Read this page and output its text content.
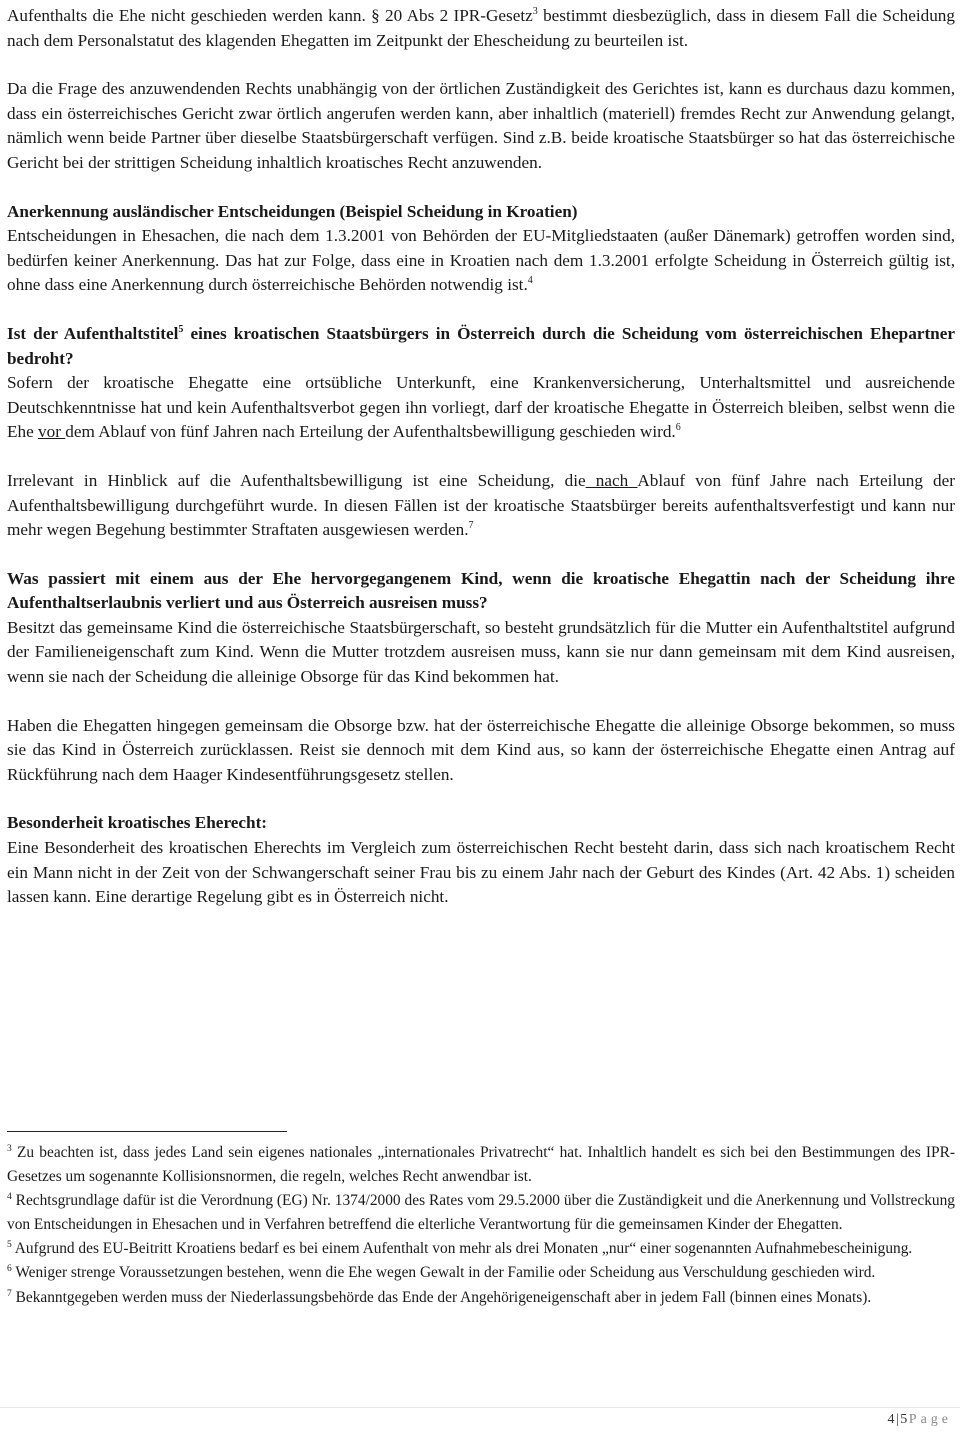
Aufenthalts die Ehe nicht geschieden werden kann. § 20 Abs 2 IPR-Gesetz$^3$ bestimmt diesbezüglich, dass in diesem Fall die Scheidung nach dem Personalstatut des klagenden Ehegatten im Zeitpunkt der Ehescheidung zu beurteilen ist.

Da die Frage des anzuwendenden Rechts unabhängig von der örtlichen Zuständigkeit des Gerichtes ist, kann es durchaus dazu kommen, dass ein österreichisches Gericht zwar örtlich angerufen werden kann, aber inhaltlich (materiell) fremdes Recht zur Anwendung gelangt, nämlich wenn beide Partner über dieselbe Staatsbürgerschaft verfügen. Sind z.B. beide kroatische Staatsbürger so hat das österreichische Gericht bei der strittigen Scheidung inhaltlich kroatisches Recht anzuwenden.

Anerkennung ausländischer Entscheidungen (Beispiel Scheidung in Kroatien)

Entscheidungen in Ehesachen, die nach dem 1.3.2001 von Behörden der EU-Mitgliedstaaten (außer Dänemark) getroffen worden sind, bedürfen keiner Anerkennung. Das hat zur Folge, dass eine in Kroatien nach dem 1.3.2001 erfolgte Scheidung in Österreich gültig ist, ohne dass eine Anerkennung durch österreichische Behörden notwendig ist.$^4$

Ist der Aufenthaltstitel$^5$ eines kroatischen Staatsbürgers in Österreich durch die Scheidung vom österreichischen Ehepartner bedroht?

Sofern der kroatische Ehegatte eine ortsübliche Unterkunft, eine Krankenversicherung, Unterhaltsmittel und ausreichende Deutschkenntnisse hat und kein Aufenthaltsverbot gegen ihn vorliegt, darf der kroatische Ehegatte in Österreich bleiben, selbst wenn die Ehe vor dem Ablauf von fünf Jahren nach Erteilung der Aufenthaltsbewilligung geschieden wird.$^6$

Irrelevant in Hinblick auf die Aufenthaltsbewilligung ist eine Scheidung, die nach Ablauf von fünf Jahre nach Erteilung der Aufenthaltsbewilligung durchgeführt wurde. In diesen Fällen ist der kroatische Staatsbürger bereits aufenthaltsverfestigt und kann nur mehr wegen Begehung bestimmter Straftaten ausgewiesen werden.$^7$

Was passiert mit einem aus der Ehe hervorgegangenem Kind, wenn die kroatische Ehegattin nach der Scheidung ihre Aufenthaltserlaubnis verliert und aus Österreich ausreisen muss?

Besitzt das gemeinsame Kind die österreichische Staatsbürgerschaft, so besteht grundsätzlich für die Mutter ein Aufenthaltstitel aufgrund der Familieneigenschaft zum Kind. Wenn die Mutter trotzdem ausreisen muss, kann sie nur dann gemeinsam mit dem Kind ausreisen, wenn sie nach der Scheidung die alleinige Obsorge für das Kind bekommen hat.

Haben die Ehegatten hingegen gemeinsam die Obsorge bzw. hat der österreichische Ehegatte die alleinige Obsorge bekommen, so muss sie das Kind in Österreich zurücklassen. Reist sie dennoch mit dem Kind aus, so kann der österreichische Ehegatte einen Antrag auf Rückführung nach dem Haager Kindesentführungsgesetz stellen.

Besonderheit kroatisches Eherecht:

Eine Besonderheit des kroatischen Eherechts im Vergleich zum österreichischen Recht besteht darin, dass sich nach kroatischem Recht ein Mann nicht in der Zeit von der Schwangerschaft seiner Frau bis zu einem Jahr nach der Geburt des Kindes (Art. 42 Abs. 1) scheiden lassen kann. Eine derartige Regelung gibt es in Österreich nicht.

$^3$ Zu beachten ist, dass jedes Land sein eigenes nationales „internationales Privatrecht“ hat. Inhaltlich handelt es sich bei den Bestimmungen des IPR-Gesetzes um sogenannte Kollisionsnormen, die regeln, welches Recht anwendbar ist.

$^4$ Rechtsgrundlage dafür ist die Verordnung (EG) Nr. 1374/2000 des Rates vom 29.5.2000 über die Zuständigkeit und die Anerkennung und Vollstreckung von Entscheidungen in Ehesachen und in Verfahren betreffend die elterliche Verantwortung für die gemeinsamen Kinder der Ehegatten.

$^5$ Aufgrund des EU-Beitritt Kroatiens bedarf es bei einem Aufenthalt von mehr als drei Monaten „nur“ einer sogenannten Aufnahmebescheinigung.

$^6$ Weniger strenge Voraussetzungen bestehen, wenn die Ehe wegen Gewalt in der Familie oder Scheidung aus Verschuldung geschieden wird.

$^7$ Bekanntgegeben werden muss der Niederlassungsbehörde das Ende der Angehörigeneigenschaft aber in jedem Fall (binnen eines Monats).

4|5Page
